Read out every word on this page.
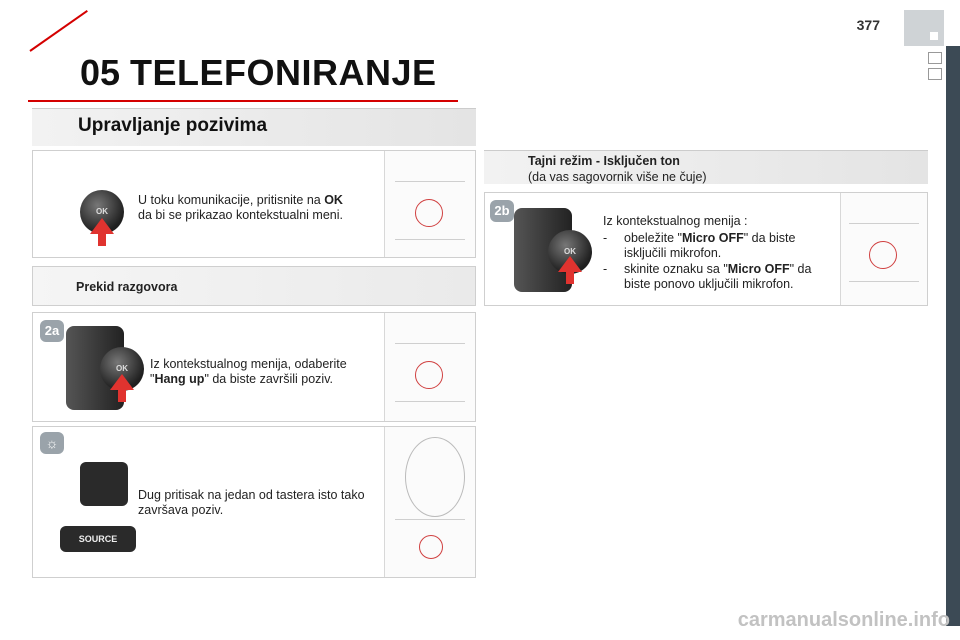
377
05 TELEFONIRANJE
Upravljanje pozivima
OK
U toku komunikacije, pritisnite na OK
da bi se prikazao kontekstualni meni.
Prekid razgovora
2a
OK	Iz kontekstualnog menija, odaberite "Hang up" da biste završili poziv.
☼
Dug pritisak na jedan od tastera isto tako završava poziv.
SOURCE
Tajni režim - Isključen ton
(da vas sagovornik više ne čuje)
2b
OK
Iz kontekstualnog menija :
- obeležite "Micro OFF" da biste isključili mikrofon.
- skinite oznaku sa "Micro OFF" da biste ponovo uključili mikrofon.
carmanualsonline.info
